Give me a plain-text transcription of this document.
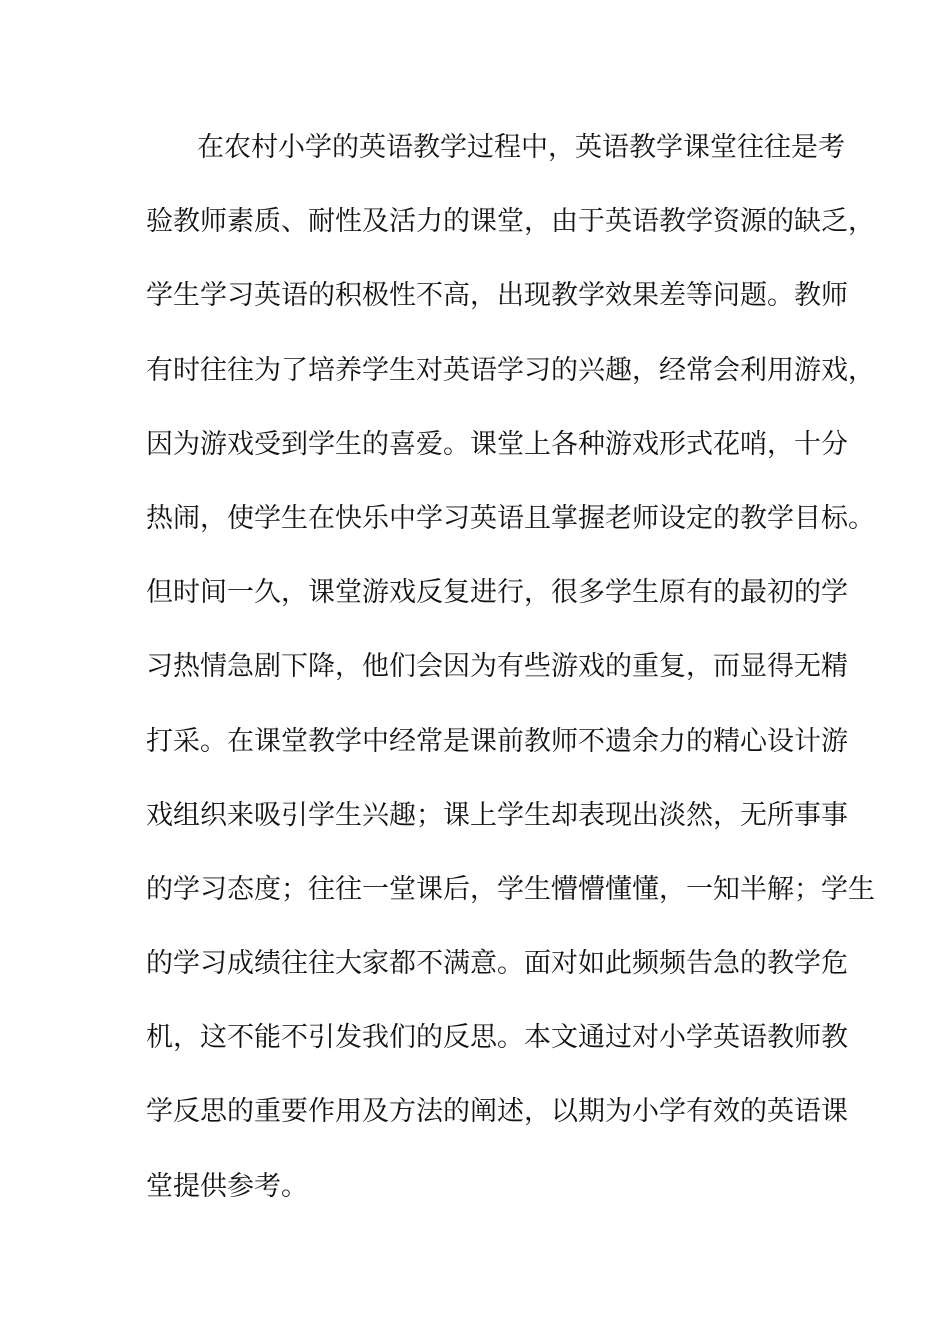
在农村小学的英语教学过程中，英语教学课堂往往是考
验教师素质、耐性及活力的课堂，由于英语教学资源的缺乏，
学生学习英语的积极性不高，出现教学效果差等问题。教师
有时往往为了培养学生对英语学习的兴趣，经常会利用游戏，
因为游戏受到学生的喜爱。课堂上各种游戏形式花哨，十分
热闹，使学生在快乐中学习英语且掌握老师设定的教学目标。
但时间一久，课堂游戏反复进行，很多学生原有的最初的学
习热情急剧下降，他们会因为有些游戏的重复，而显得无精
打采。在课堂教学中经常是课前教师不遗余力的精心设计游
戏组织来吸引学生兴趣；课上学生却表现出淡然，无所事事
的学习态度；往往一堂课后，学生懵懵懂懂，一知半解；学生
的学习成绩往往大家都不满意。面对如此频频告急的教学危
机，这不能不引发我们的反思。本文通过对小学英语教师教
学反思的重要作用及方法的阐述，以期为小学有效的英语课
堂提供参考。
